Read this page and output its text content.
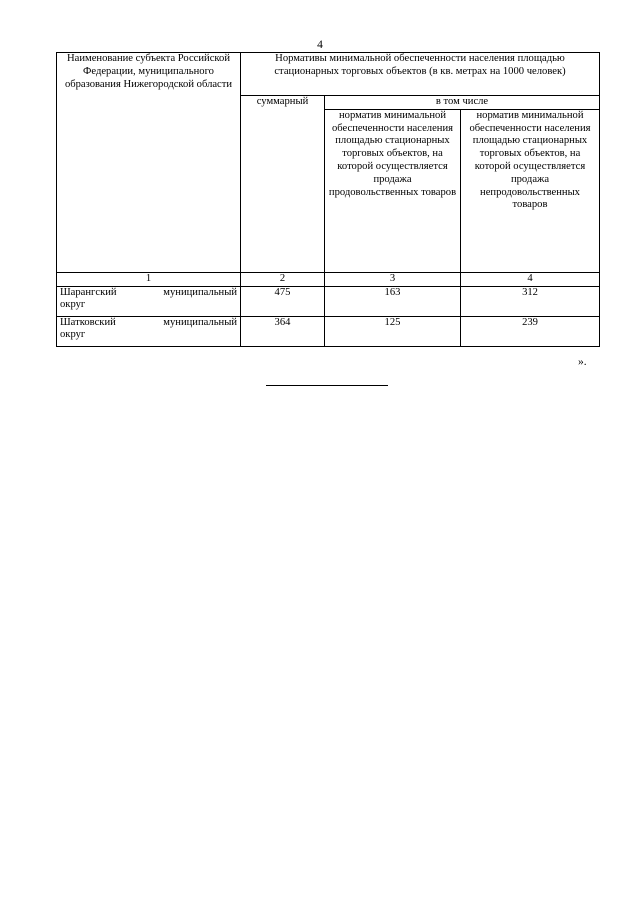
4
Наименование субъекта Российской Федерации, муниципального образования Нижегородской области	Нормативы минимальной обеспеченности населения площадью стационарных торговых объектов (в кв. метрах на 1000 человек)		
	суммарный	в том числе	
		норматив минимальной обеспеченности населения площадью стационарных торговых объектов, на которой осуществляется продажа продовольственных товаров	норматив минимальной обеспеченности населения площадью стационарных торговых объектов, на которой осуществляется продажа непродовольственных товаров
1	2	3	4
Шарангский муниципальный
округ	475	163	312
Шатковский муниципальный
округ	364	125	239
».
